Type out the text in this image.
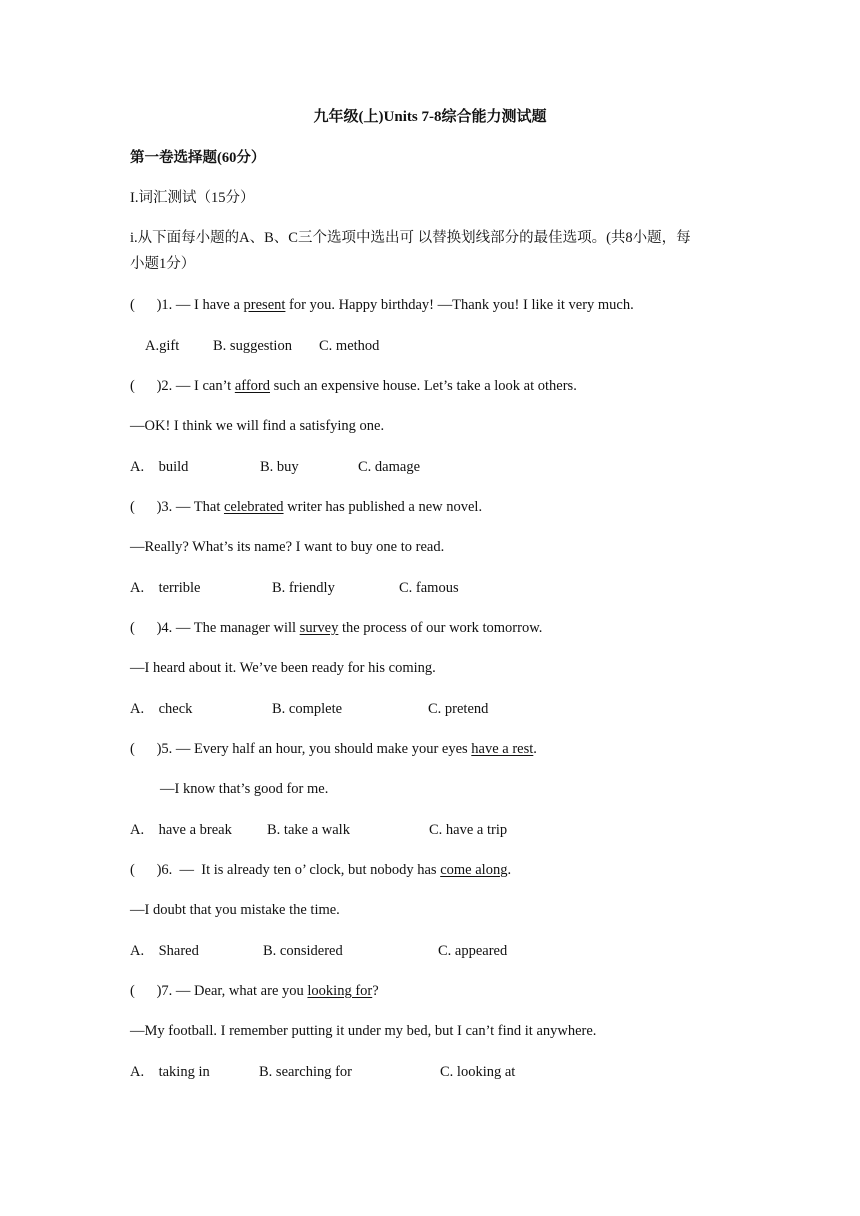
九年级(上)Units 7-8综合能力测试题
第一卷选择题(60分）
I.词汇测试（15分）
i.从下面每小题的A、B、C三个选项中选出可 以替换划线部分的最佳选项。(共8小题，每
小题1分）
(      )1. — I have a present for you. Happy birthday! —Thank you! I like it very much.
A.gift B. suggestion C. method
(      )2. — I can’t afford such an expensive house. Let’s take a look at others.
—OK! I think we will find a satisfying one.
A.    build	B. buy	C. damage
(      )3. — That celebrated writer has published a new novel.
—Really? What’s its name? I want to buy one to read.
A.    terrible	B. friendly	C. famous
(      )4. — The manager will survey the process of our work tomorrow.
—I heard about it. We’ve been ready for his coming.
A.    check	B. complete	C. pretend
(      )5. — Every half an hour, you should make your eyes have a rest.
—I know that’s good for me.
A.    have a break B. take a walk	C. have a trip
(      )6.  —  It is already ten o’ clock, but nobody has come along.
—I doubt that you mistake the time.
A.    Shared	B. considered	C. appeared
(      )7. — Dear, what are you looking for?
—My football. I remember putting it under my bed, but I can’t find it anywhere.
A.    taking in	B. searching for	C. looking at
